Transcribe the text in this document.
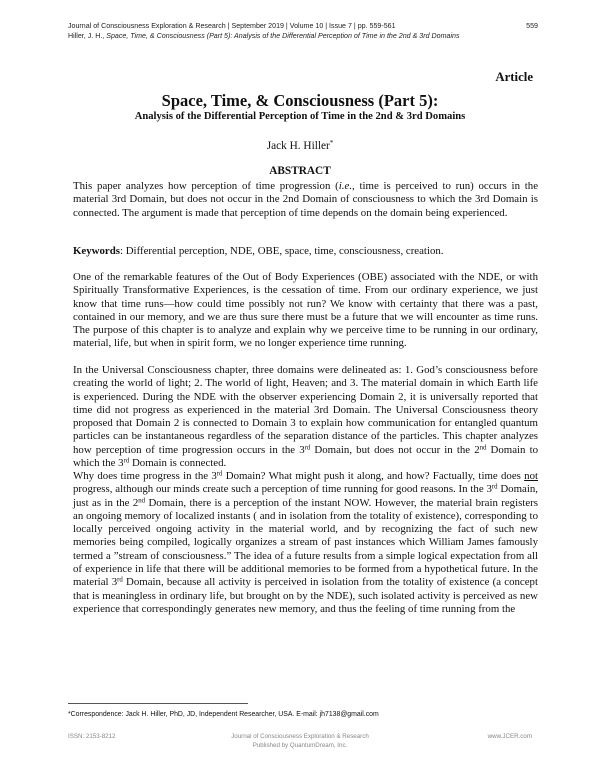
Journal of Consciousness Exploration & Research | September 2019 | Volume 10 | Issue 7 | pp. 559-561	559
Hiller, J. H., Space, Time, & Consciousness (Part 5): Analysis of the Differential Perception of Time in the 2nd & 3rd Domains
Article
Space, Time, & Consciousness (Part 5):
Analysis of the Differential Perception of Time in the 2nd & 3rd Domains
Jack H. Hiller*
ABSTRACT
This paper analyzes how perception of time progression (i.e., time is perceived to run) occurs in the material 3rd Domain, but does not occur in the 2nd Domain of consciousness to which the 3rd Domain is connected. The argument is made that perception of time depends on the domain being experienced.
Keywords: Differential perception, NDE, OBE, space, time, consciousness, creation.
One of the remarkable features of the Out of Body Experiences (OBE) associated with the NDE, or with Spiritually Transformative Experiences, is the cessation of time. From our ordinary experience, we just know that time runs—how could time possibly not run? We know with certainty that there was a past, contained in our memory, and we are thus sure there must be a future that we will encounter as time runs. The purpose of this chapter is to analyze and explain why we perceive time to be running in our ordinary, material, life, but when in spirit form, we no longer experience time running.
In the Universal Consciousness chapter, three domains were delineated as: 1. God’s consciousness before creating the world of light; 2. The world of light, Heaven; and 3. The material domain in which Earth life is experienced. During the NDE with the observer experiencing Domain 2, it is universally reported that time did not progress as experienced in the material 3rd Domain. The Universal Consciousness theory proposed that Domain 2 is connected to Domain 3 to explain how communication for entangled quantum particles can be instantaneous regardless of the separation distance of the particles. This chapter analyzes how perception of time progression occurs in the 3rd Domain, but does not occur in the 2nd Domain to which the 3rd Domain is connected.
Why does time progress in the 3rd Domain? What might push it along, and how? Factually, time does not progress, although our minds create such a perception of time running for good reasons. In the 3rd Domain, just as in the 2nd Domain, there is a perception of the instant NOW. However, the material brain registers an ongoing memory of localized instants ( and in isolation from the totality of existence), corresponding to locally perceived ongoing activity in the material world, and by recognizing the fact of such new memories being compiled, logically organizes a stream of past instances which William James famously termed a ”stream of consciousness.” The idea of a future results from a simple logical expectation from all of experience in life that there will be additional memories to be formed from a hypothetical future. In the material 3rd Domain, because all activity is perceived in isolation from the totality of existence (a concept that is meaningless in ordinary life, but brought on by the NDE), such isolated activity is perceived as new experience that correspondingly generates new memory, and thus the feeling of time running from the
*Correspondence: Jack H. Hiller, PhD, JD, Independent Researcher, USA. E-mail: jh7138@gmail.com
ISSN: 2153-8212	Journal of Consciousness Exploration & Research
Published by QuantumDream, Inc.
www.JCER.com
